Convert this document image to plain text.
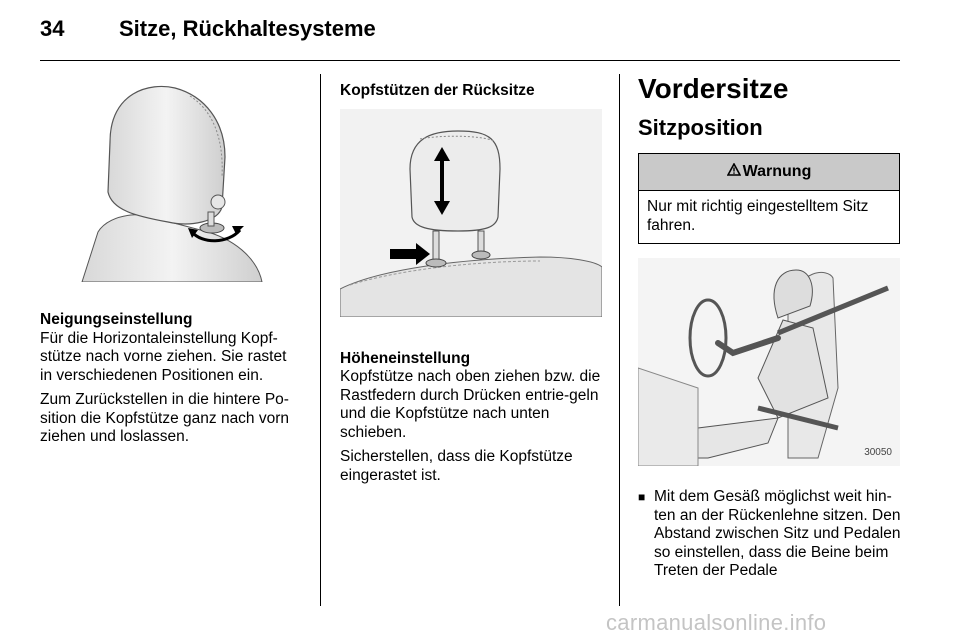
34 Sitze, Rückhaltesysteme
Neigungseinstellung

Für die Horizontaleinstellung Kopf-stütze nach vorne ziehen. Sie rastet in verschiedenen Positionen ein.

Zum Zurückstellen in die hintere Po-sition die Kopfstütze ganz nach vorn ziehen und loslassen.

Kopfstützen der Rücksitze
Höheneinstellung

Kopfstütze nach oben ziehen bzw. die Rastfedern durch Drücken entrie-geln und die Kopfstütze nach unten schieben.

Sicherstellen, dass die Kopfstütze eingerastet ist.

Vordersitze
Sitzposition
Warnung
Nur mit richtig eingestelltem Sitz fahren.
30050
■ Mit dem Gesäß möglichst weit hin-ten an der Rückenlehne sitzen. Den Abstand zwischen Sitz und Pedalen so einstellen, dass die Beine beim Treten der Pedale
carmanualsonline.info
